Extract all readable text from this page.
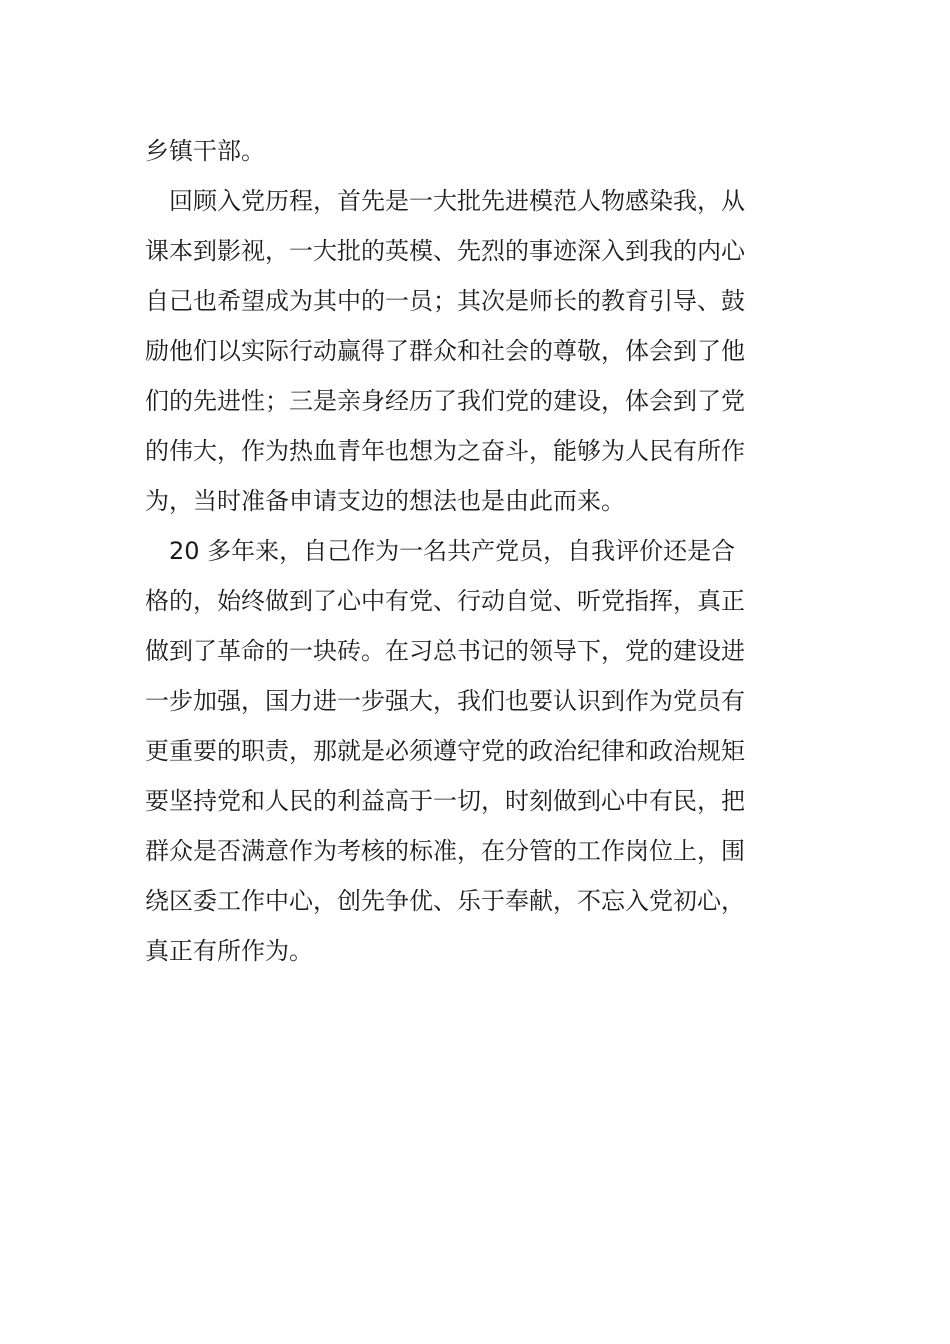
乡镇干部。
　回顾入党历程，首先是一大批先进模范人物感染我，从
课本到影视，一大批的英模、先烈的事迹深入到我的内心
自己也希望成为其中的一员；其次是师长的教育引导、鼓
励他们以实际行动赢得了群众和社会的尊敬，体会到了他
们的先进性；三是亲身经历了我们党的建设，体会到了党
的伟大，作为热血青年也想为之奋斗，能够为人民有所作
为，当时准备申请支边的想法也是由此而来。
　20 多年来，自己作为一名共产党员，自我评价还是合
格的，始终做到了心中有党、行动自觉、听党指挥，真正
做到了革命的一块砖。在习总书记的领导下，党的建设进
一步加强，国力进一步强大，我们也要认识到作为党员有
更重要的职责，那就是必须遵守党的政治纪律和政治规矩
要坚持党和人民的利益高于一切，时刻做到心中有民，把
群众是否满意作为考核的标准，在分管的工作岗位上，围
绕区委工作中心，创先争优、乐于奉献，不忘入党初心，
真正有所作为。
